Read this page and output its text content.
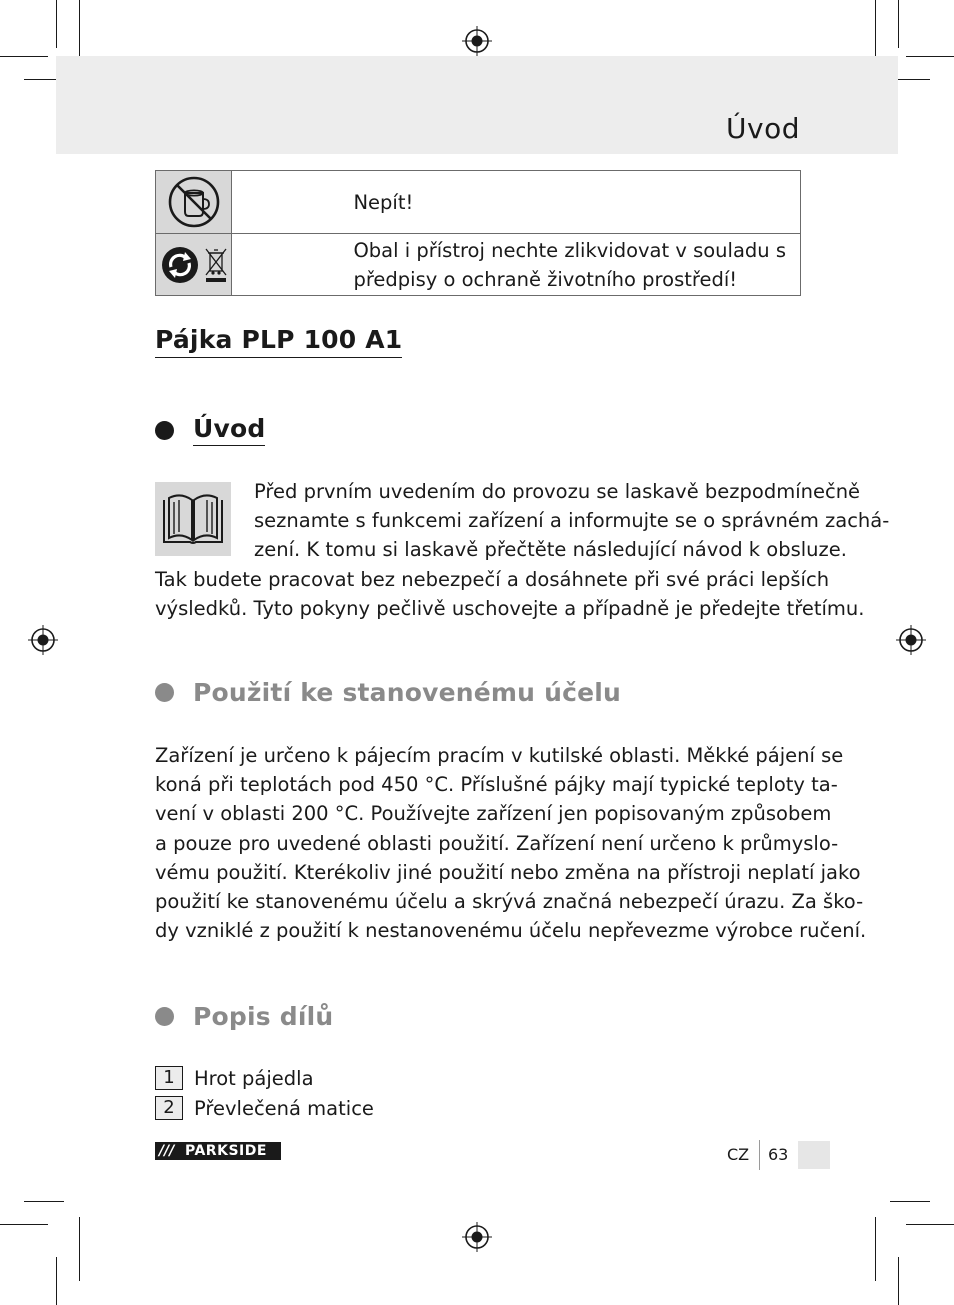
Úvod

Nepít!

Obal i přístroj nechte zlikvidovat v souladu s
předpisy o ochraně životního prostředí!
Pájka PLP 100 A1
Úvod
Před prvním uvedením do provozu se laskavě bezpodmínečně
seznamte s funkcemi zařízení a informujte se o správném zachá-
zení. K tomu si laskavě přečtěte následující návod k obsluze.
Tak budete pracovat bez nebezpečí a dosáhnete při své práci lepších
výsledků. Tyto pokyny pečlivě uschovejte a případně je předejte třetímu.
Použití ke stanovenému účelu
Zařízení je určeno k pájecím pracím v kutilské oblasti. Měkké pájení se
koná při teplotách pod 450 °C. Příslušné pájky mají typické teploty ta-
vení v oblasti 200 °C. Používejte zařízení jen popisovaným způsobem
a pouze pro uvedené oblasti použití. Zařízení není určeno k průmyslo-
vému použití. Kterékoliv jiné použití nebo změna na přístroji neplatí jako
použití ke stanovenému účelu a skrývá značná nebezpečí úrazu. Za ško-
dy vzniklé z použití k nestanovenému účelu nepřevezme výrobce ručení.
Popis dílů
1 Hrot pájedla
2 Převlečená matice
/// PARKSIDE	CZ 63
